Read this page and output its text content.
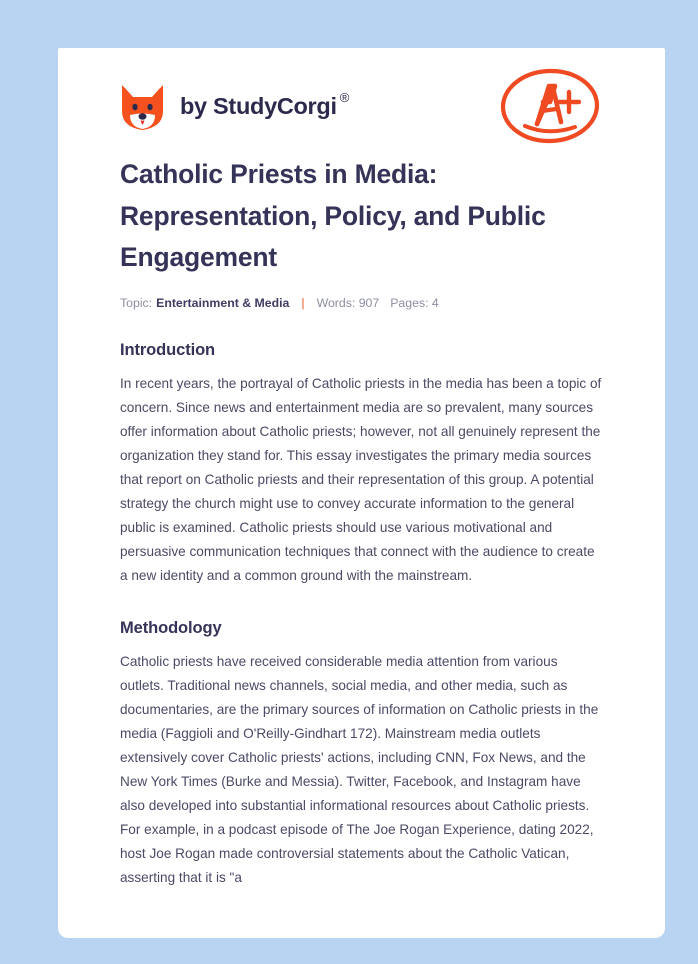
by StudyCorgi ®
Catholic Priests in Media: Representation, Policy, and Public Engagement
Topic: Entertainment & Media | Words: 907 Pages: 4
Introduction

In recent years, the portrayal of Catholic priests in the media has been a topic of concern. Since news and entertainment media are so prevalent, many sources offer information about Catholic priests; however, not all genuinely represent the organization they stand for. This essay investigates the primary media sources that report on Catholic priests and their representation of this group. A potential strategy the church might use to convey accurate information to the general public is examined. Catholic priests should use various motivational and persuasive communication techniques that connect with the audience to create a new identity and a common ground with the mainstream.

Methodology

Catholic priests have received considerable media attention from various outlets. Traditional news channels, social media, and other media, such as documentaries, are the primary sources of information on Catholic priests in the media (Faggioli and O'Reilly-Gindhart 172). Mainstream media outlets extensively cover Catholic priests' actions, including CNN, Fox News, and the New York Times (Burke and Messia). Twitter, Facebook, and Instagram have also developed into substantial informational resources about Catholic priests. For example, in a podcast episode of The Joe Rogan Experience, dating 2022, host Joe Rogan made controversial statements about the Catholic Vatican, asserting that it is "a
